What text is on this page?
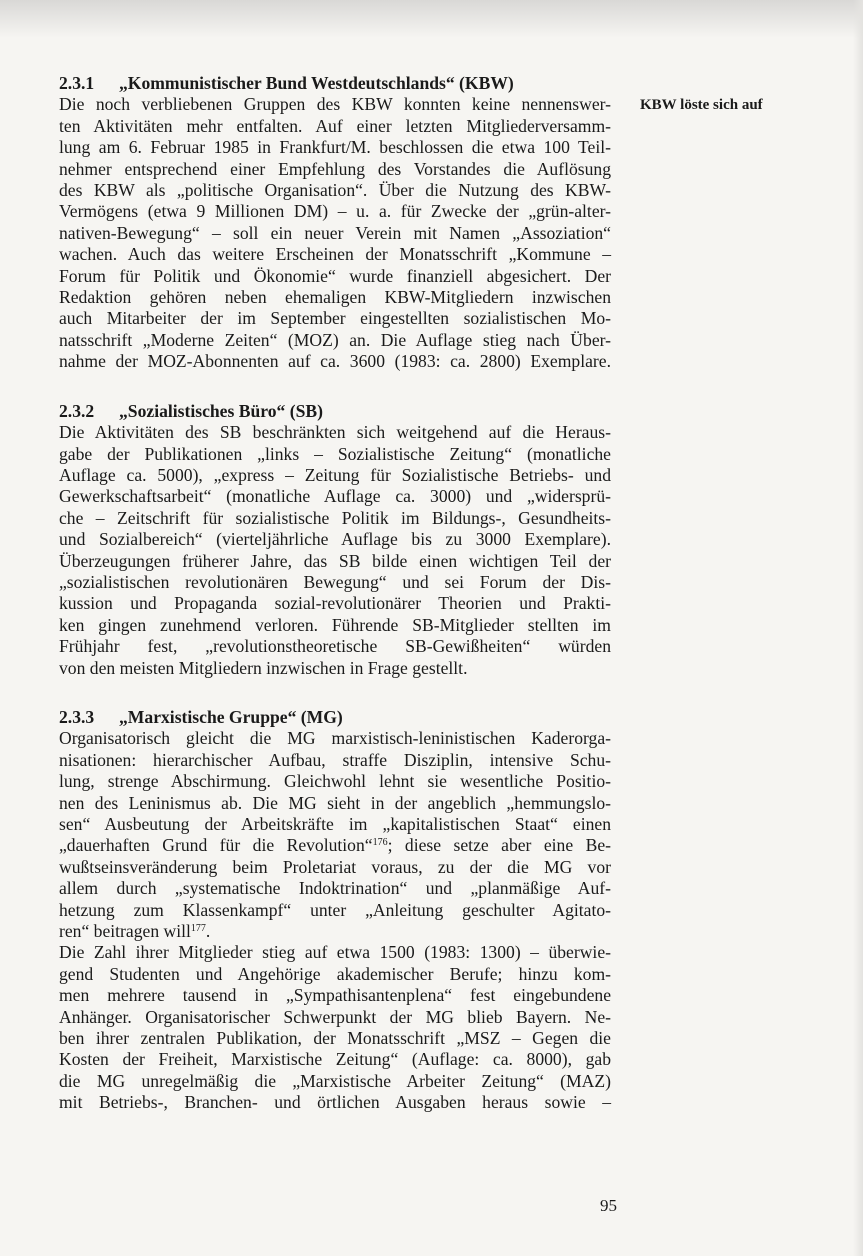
2.3.1 „Kommunistischer Bund Westdeutschlands“ (KBW)
Die noch verbliebenen Gruppen des KBW konnten keine nennenswer-
ten Aktivitäten mehr entfalten. Auf einer letzten Mitgliederversamm-
lung am 6. Februar 1985 in Frankfurt/M. beschlossen die etwa 100 Teil-
nehmer entsprechend einer Empfehlung des Vorstandes die Auflösung
des KBW als „politische Organisation“. Über die Nutzung des KBW-
Vermögens (etwa 9 Millionen DM) – u. a. für Zwecke der „grün-alter-
nativen-Bewegung“ – soll ein neuer Verein mit Namen „Assoziation“
wachen. Auch das weitere Erscheinen der Monatsschrift „Kommune –
Forum für Politik und Ökonomie“ wurde finanziell abgesichert. Der
Redaktion gehören neben ehemaligen KBW-Mitgliedern inzwischen
auch Mitarbeiter der im September eingestellten sozialistischen Mo-
natsschrift „Moderne Zeiten“ (MOZ) an. Die Auflage stieg nach Über-
nahme der MOZ-Abonnenten auf ca. 3600 (1983: ca. 2800) Exemplare.
2.3.2 „Sozialistisches Büro“ (SB)
Die Aktivitäten des SB beschränkten sich weitgehend auf die Heraus-
gabe der Publikationen „links – Sozialistische Zeitung“ (monatliche
Auflage ca. 5000), „express – Zeitung für Sozialistische Betriebs- und
Gewerkschaftsarbeit“ (monatliche Auflage ca. 3000) und „widersprü-
che – Zeitschrift für sozialistische Politik im Bildungs-, Gesundheits-
und Sozialbereich“ (vierteljährliche Auflage bis zu 3000 Exemplare).
Überzeugungen früherer Jahre, das SB bilde einen wichtigen Teil der
„sozialistischen revolutionären Bewegung“ und sei Forum der Dis-
kussion und Propaganda sozial-revolutionärer Theorien und Prakti-
ken gingen zunehmend verloren. Führende SB-Mitglieder stellten im
Frühjahr fest, „revolutionstheoretische SB-Gewißheiten“ würden
von den meisten Mitgliedern inzwischen in Frage gestellt.
2.3.3 „Marxistische Gruppe“ (MG)
Organisatorisch gleicht die MG marxistisch-leninistischen Kaderorga-
nisationen: hierarchischer Aufbau, straffe Disziplin, intensive Schu-
lung, strenge Abschirmung. Gleichwohl lehnt sie wesentliche Positio-
nen des Leninismus ab. Die MG sieht in der angeblich „hemmungslo-
sen“ Ausbeutung der Arbeitskräfte im „kapitalistischen Staat“ einen
„dauerhaften Grund für die Revolution“$^{176}$; diese setze aber eine Be-
wußtseinsveränderung beim Proletariat voraus, zu der die MG vor
allem durch „systematische Indoktrination“ und „planmäßige Auf-
hetzung zum Klassenkampf“ unter „Anleitung geschulter Agitato-
ren“ beitragen will$^{177}$.
Die Zahl ihrer Mitglieder stieg auf etwa 1500 (1983: 1300) – überwie-
gend Studenten und Angehörige akademischer Berufe; hinzu kom-
men mehrere tausend in „Sympathisantenplena“ fest eingebundene
Anhänger. Organisatorischer Schwerpunkt der MG blieb Bayern. Ne-
ben ihrer zentralen Publikation, der Monatsschrift „MSZ – Gegen die
Kosten der Freiheit, Marxistische Zeitung“ (Auflage: ca. 8000), gab
die MG unregelmäßig die „Marxistische Arbeiter Zeitung“ (MAZ)
mit Betriebs-, Branchen- und örtlichen Ausgaben heraus sowie –
KBW löste sich auf
95
